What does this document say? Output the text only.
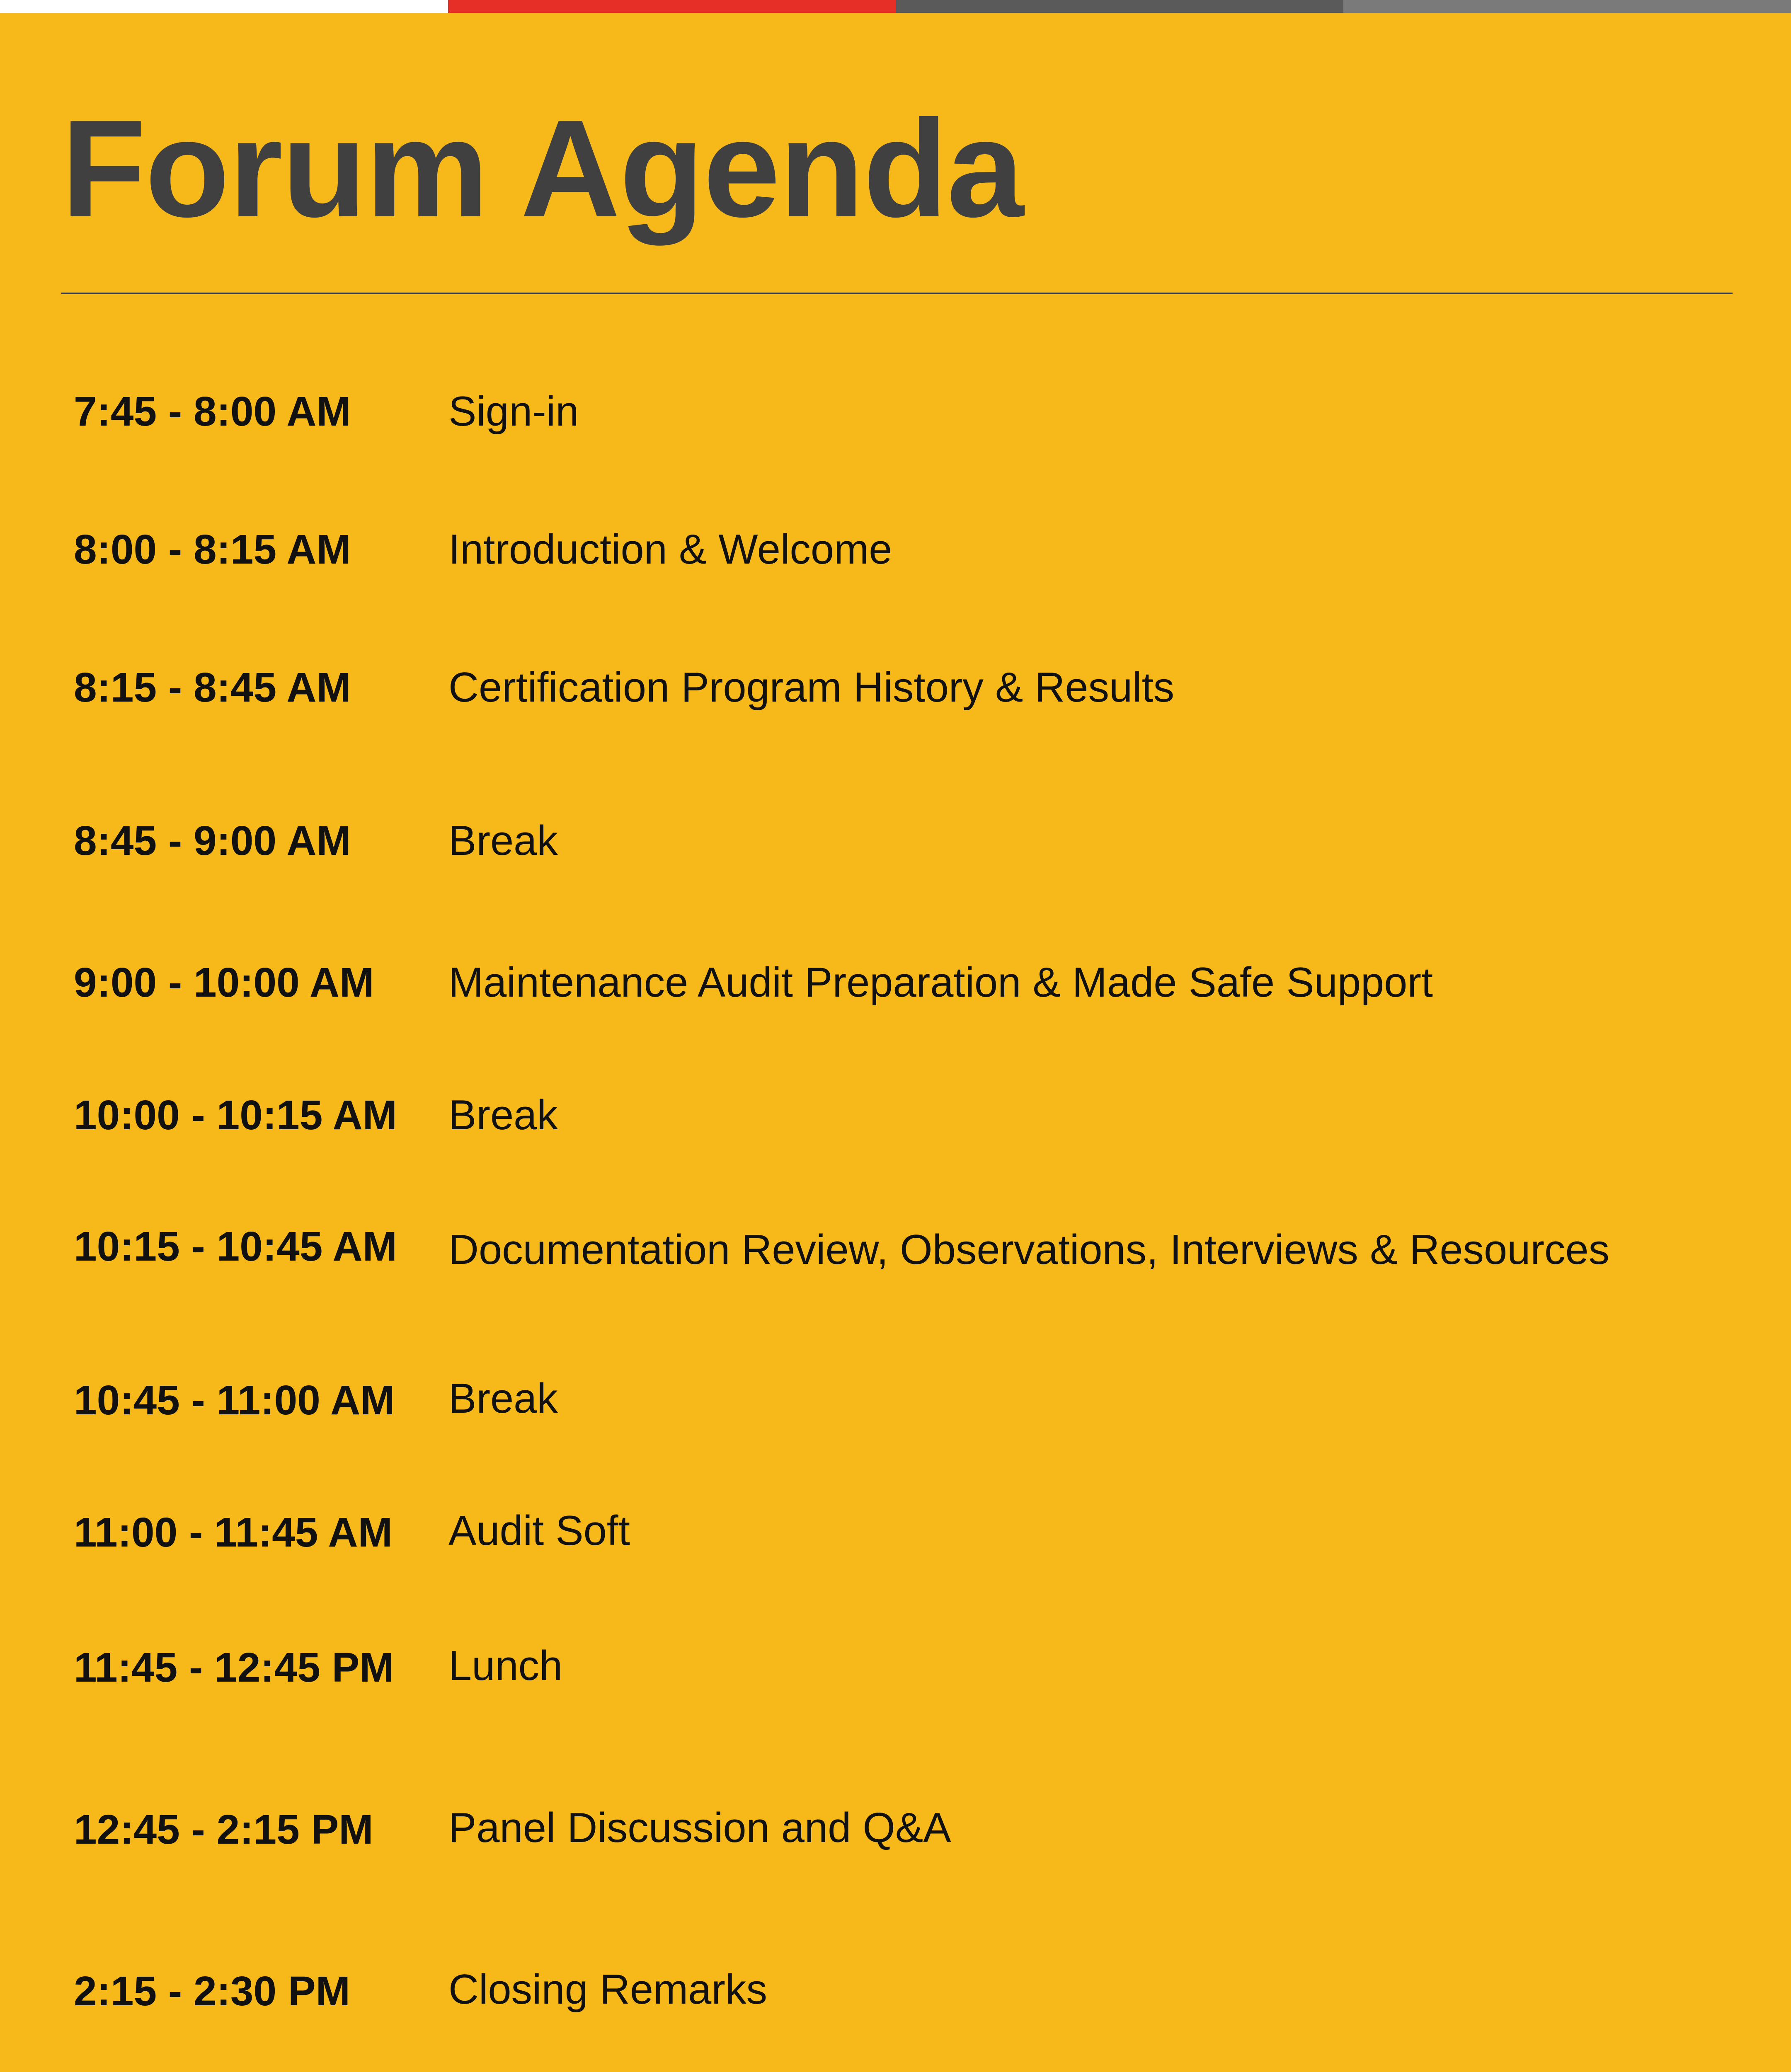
Forum Agenda
7:45 - 8:00 AM Sign-in
8:00 - 8:15 AM Introduction & Welcome
8:15 - 8:45 AM Certification Program History & Results
8:45 - 9:00 AM Break
9:00 - 10:00 AM Maintenance Audit Preparation & Made Safe Support
10:00 - 10:15 AM Break
10:15 - 10:45 AM Documentation Review, Observations, Interviews & Resources
10:45 - 11:00 AM Break
11:00 - 11:45 AM Audit Soft
11:45 - 12:45 PM Lunch
12:45 - 2:15 PM Panel Discussion and Q&A
2:15 - 2:30 PM Closing Remarks
